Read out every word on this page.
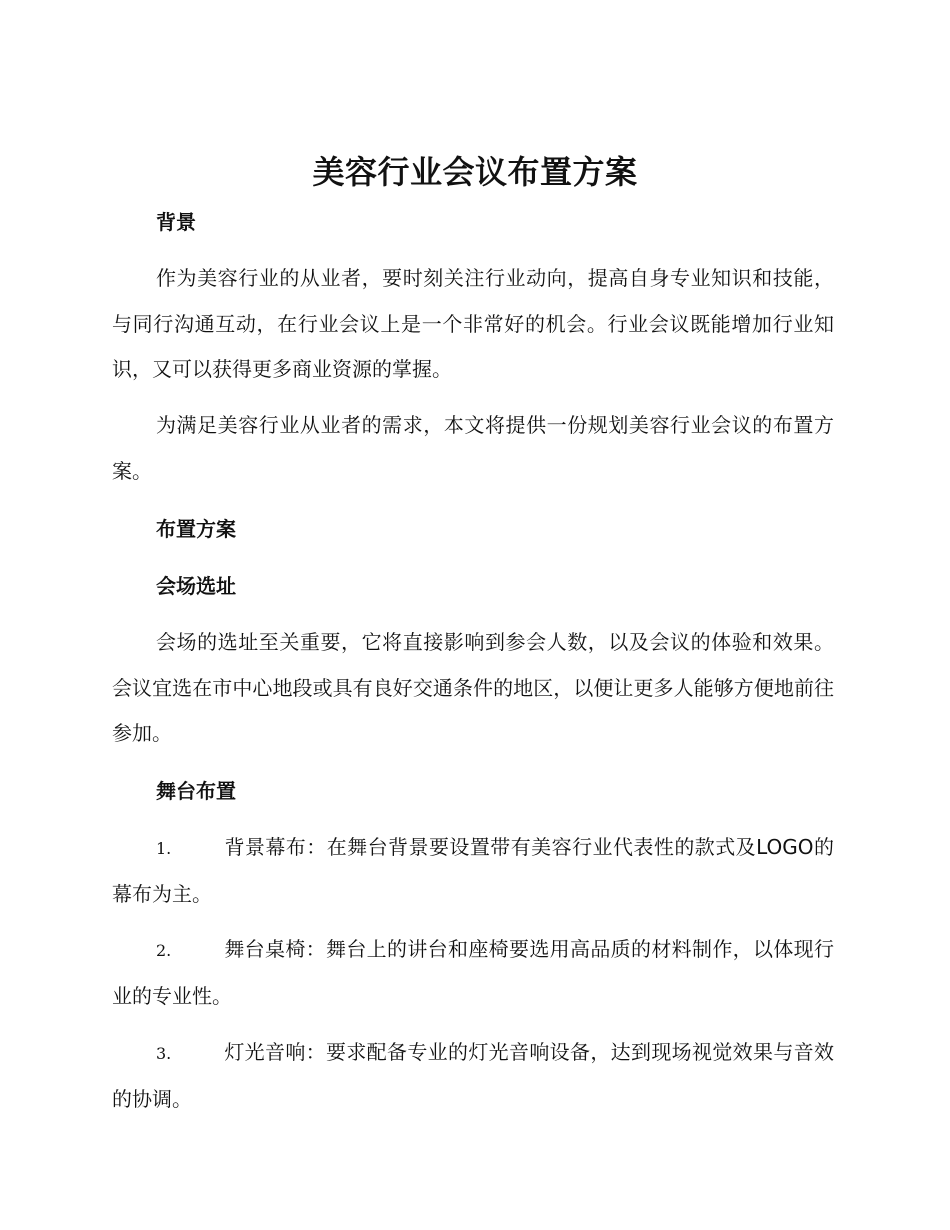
美容行业会议布置方案
背景

作为美容行业的从业者，要时刻关注行业动向，提高自身专业知识和技能，与同行沟通互动，在行业会议上是一个非常好的机会。行业会议既能增加行业知识，又可以获得更多商业资源的掌握。

为满足美容行业从业者的需求，本文将提供一份规划美容行业会议的布置方案。

布置方案
会场选址

会场的选址至关重要，它将直接影响到参会人数，以及会议的体验和效果。会议宜选在市中心地段或具有良好交通条件的地区，以便让更多人能够方便地前往参加。

舞台布置

1.	背景幕布：在舞台背景要设置带有美容行业代表性的款式及LOGO的幕布为主。

2.	舞台桌椅：舞台上的讲台和座椅要选用高品质的材料制作，以体现行业的专业性。

3.	灯光音响：要求配备专业的灯光音响设备，达到现场视觉效果与音效的协调。
